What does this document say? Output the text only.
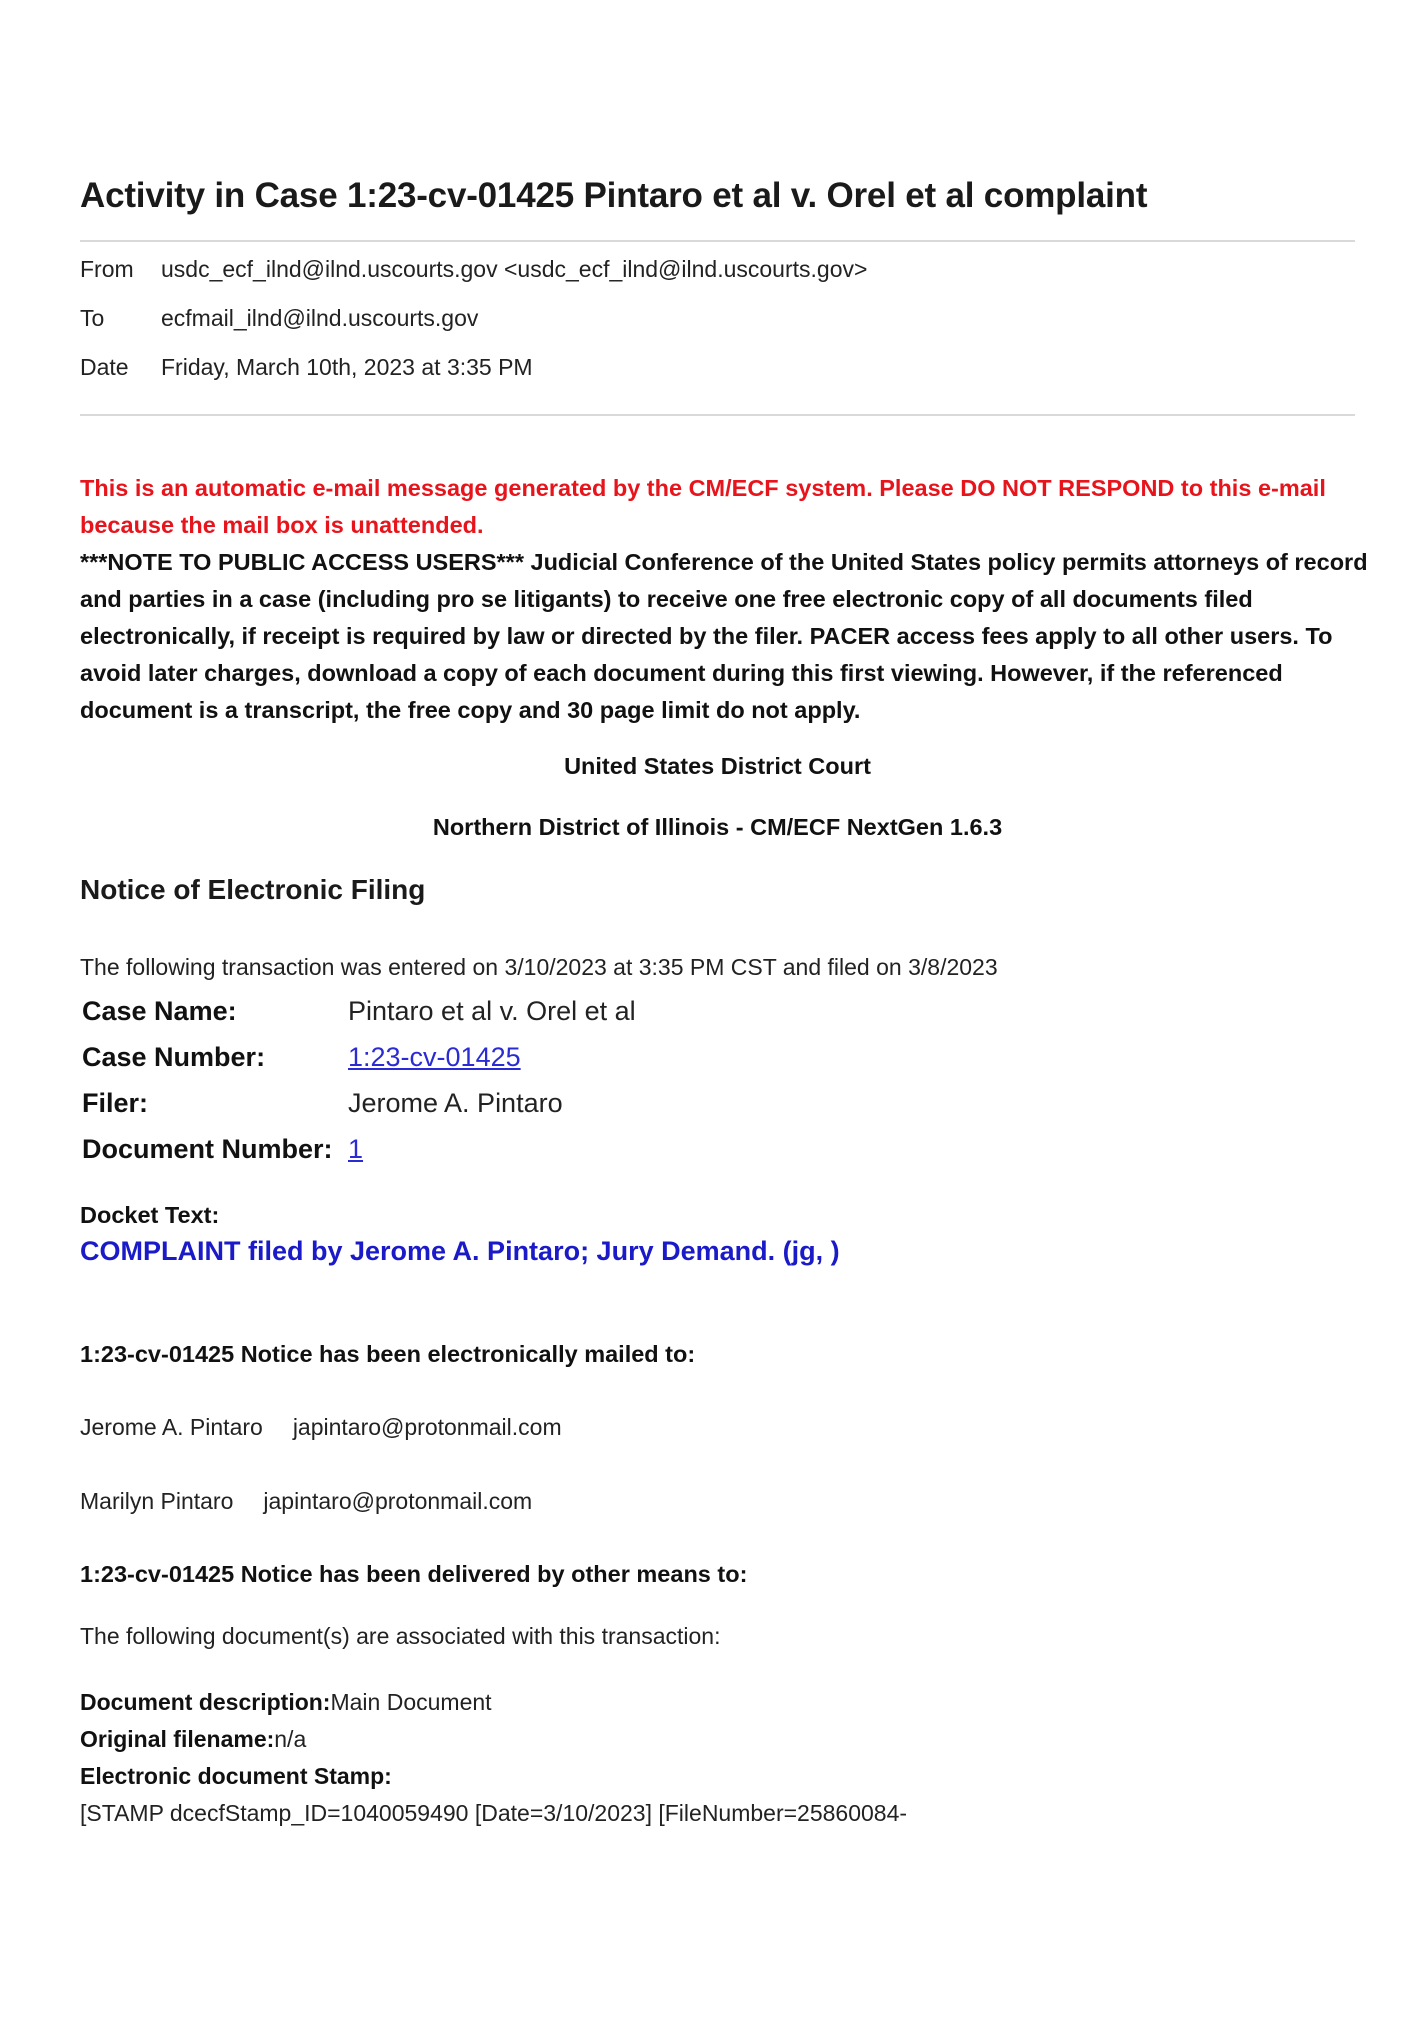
Activity in Case 1:23-cv-01425 Pintaro et al v. Orel et al complaint
From usdc_ecf_ilnd@ilnd.uscourts.gov <usdc_ecf_ilnd@ilnd.uscourts.gov>
To ecfmail_ilnd@ilnd.uscourts.gov
Date Friday, March 10th, 2023 at 3:35 PM
This is an automatic e-mail message generated by the CM/ECF system. Please DO NOT RESPOND to this e-mail because the mail box is unattended.
***NOTE TO PUBLIC ACCESS USERS*** Judicial Conference of the United States policy permits attorneys of record and parties in a case (including pro se litigants) to receive one free electronic copy of all documents filed electronically, if receipt is required by law or directed by the filer. PACER access fees apply to all other users. To avoid later charges, download a copy of each document during this first viewing. However, if the referenced document is a transcript, the free copy and 30 page limit do not apply.
United States District Court
Northern District of Illinois - CM/ECF NextGen 1.6.3
Notice of Electronic Filing
The following transaction was entered on 3/10/2023 at 3:35 PM CST and filed on 3/8/2023
Case Name:	Pintaro et al v. Orel et al
Case Number:	1:23-cv-01425
Filer:	Jerome A. Pintaro
Document Number: 1
Docket Text:
COMPLAINT filed by Jerome A. Pintaro; Jury Demand. (jg, )
1:23-cv-01425 Notice has been electronically mailed to:
Jerome A. Pintaro japintaro@protonmail.com
Marilyn Pintaro japintaro@protonmail.com
1:23-cv-01425 Notice has been delivered by other means to:
The following document(s) are associated with this transaction:
Document description:Main Document
Original filename:n/a
Electronic document Stamp:
[STAMP dcecfStamp_ID=1040059490 [Date=3/10/2023] [FileNumber=25860084-
